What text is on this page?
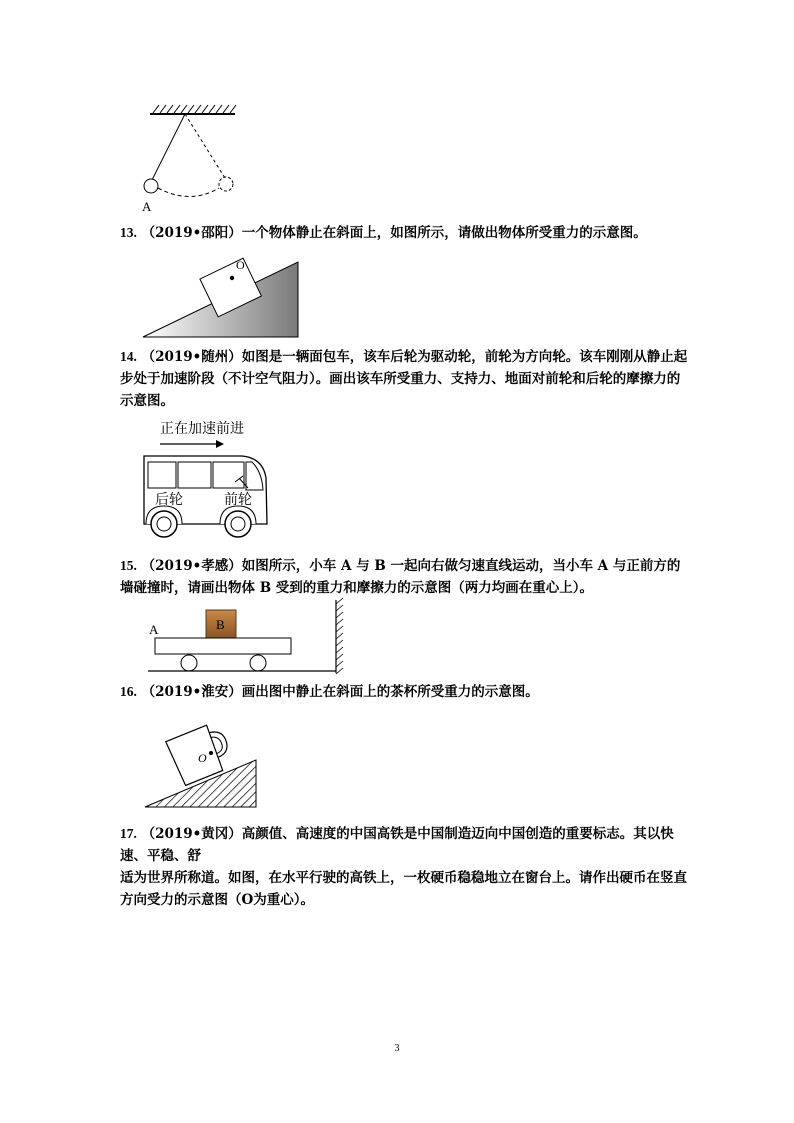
A
13. （2019•邵阳）一个物体静止在斜面上，如图所示，请做出物体所受重力的示意图。
O
14. （2019•随州）如图是一辆面包车，该车后轮为驱动轮，前轮为方向轮。该车刚刚从静止起步处于加速阶段（不计空气阻力）。画出该车所受重力、支持力、地面对前轮和后轮的摩擦力的示意图。
正在加速前进
后轮	前轮
15. （2019•孝感）如图所示，小车 A 与 B 一起向右做匀速直线运动，当小车 A 与正前方的墙碰撞时，请画出物体 B 受到的重力和摩擦力的示意图（两力均画在重心上）。
A	B
16. （2019•淮安）画出图中静止在斜面上的茶杯所受重力的示意图。
O
17. （2019•黄冈）高颜值、高速度的中国高铁是中国制造迈向中国创造的重要标志。其以快速、平稳、舒
适为世界所称道。如图，在水平行驶的高铁上，一枚硬币稳稳地立在窗台上。请作出硬币在竖直方向受力的示意图（O为重心）。
3
